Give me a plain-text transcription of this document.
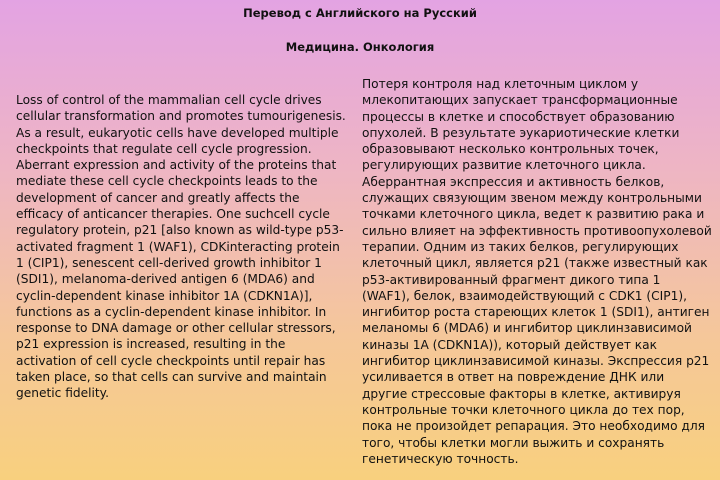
Перевод с Английского на Русский
Медицина. Онкология
Loss of control of the mammalian cell cycle drives cellular transformation and promotes tumourigenesis. As a result, eukaryotic cells have developed multiple checkpoints that regulate cell cycle progression. Aberrant expression and activity of the proteins that mediate these cell cycle checkpoints leads to the development of cancer and greatly affects the efficacy of anticancer therapies. One suchcell cycle regulatory protein, p21 [also known as wild-type p53-activated fragment 1 (WAF1), CDKinteracting protein 1 (CIP1), senescent cell-derived growth inhibitor 1 (SDI1), melanoma-derived antigen 6 (MDA6) and cyclin-dependent kinase inhibitor 1A (CDKN1A)], functions as a cyclin-dependent kinase inhibitor. In response to DNA damage or other cellular stressors, p21 expression is increased, resulting in the activation of cell cycle checkpoints until repair has taken place, so that cells can survive and maintain genetic fidelity.
Потеря контроля над клеточным циклом у млекопитающих запускает трансформационные процессы в клетке и способствует образованию опухолей. В результате эукариотические клетки образовывают несколько контрольных точек, регулирующих развитие клеточного цикла. Аберрантная экспрессия и активность белков, служащих связующим звеном между контрольными точками клеточного цикла, ведет к развитию рака и сильно влияет на эффективность противоопухолевой терапии. Одним из таких белков, регулирующих клеточный цикл, является p21 (также известный как p53-активированный фрагмент дикого типа 1 (WAF1), белок, взаимодействующий с CDK1 (CIP1), ингибитор роста стареющих клеток 1 (SDI1), антиген меланомы 6 (MDA6) и ингибитор циклинзависимой киназы 1A (CDKN1A)), который действует как ингибитор циклинзависимой киназы. Экспрессия p21 усиливается в ответ на повреждение ДНК или другие стрессовые факторы в клетке, активируя контрольные точки клеточного цикла до тех пор, пока не произойдет репарация. Это необходимо для того, чтобы клетки могли выжить и сохранять генетическую точность.
